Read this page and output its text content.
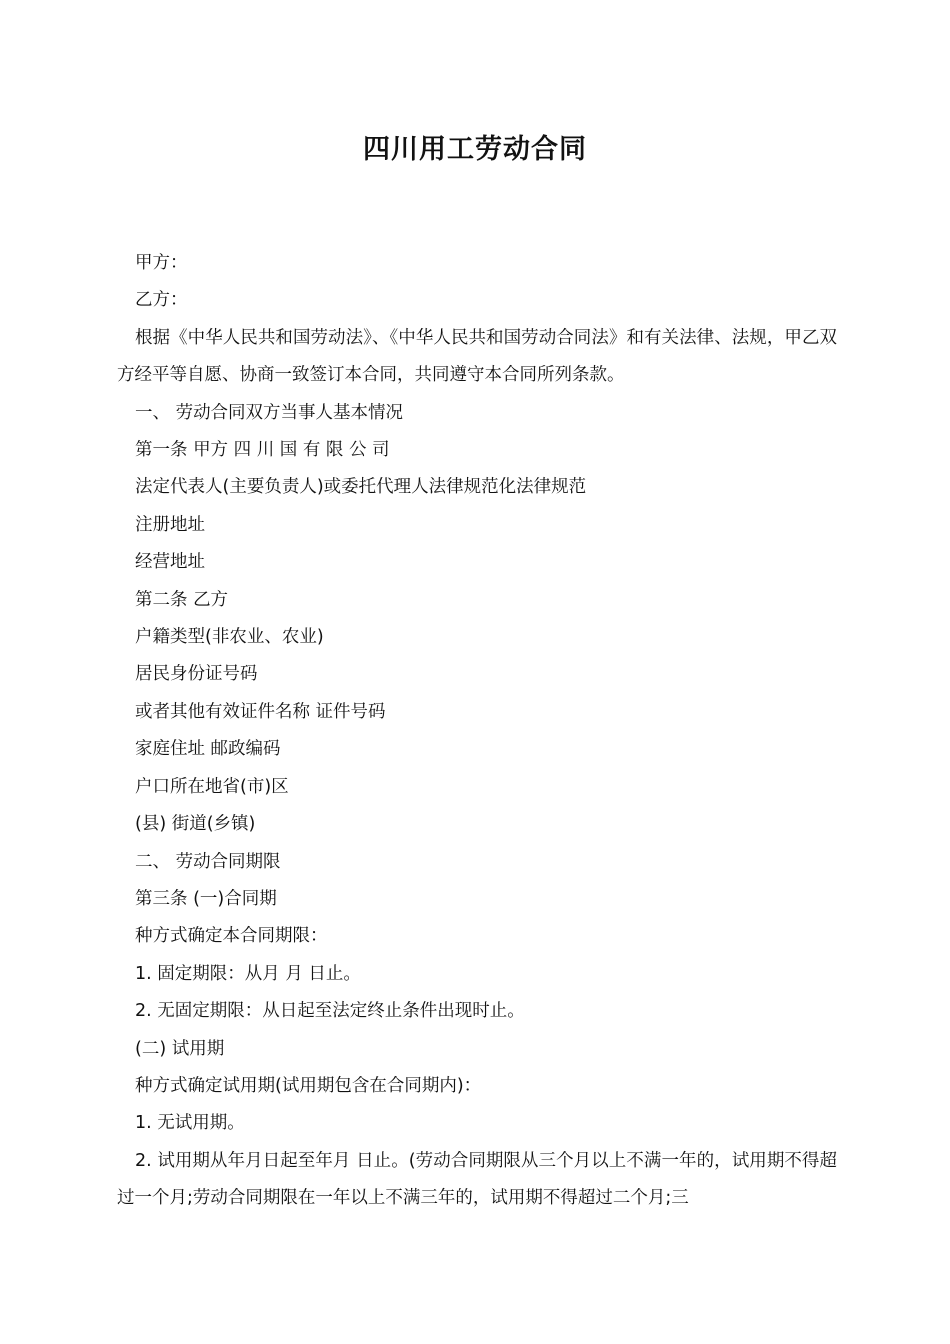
四川用工劳动合同

甲方：

乙方：

根据《中华人民共和国劳动法》、《中华人民共和国劳动合同法》和有关法律、法规，甲乙双方经平等自愿、协商一致签订本合同，共同遵守本合同所列条款。

一、 劳动合同双方当事人基本情况

第一条 甲方 四 川 国 有 限 公 司

法定代表人(主要负责人)或委托代理人法律规范化法律规范

注册地址

经营地址

第二条 乙方

户籍类型(非农业、农业)

居民身份证号码

或者其他有效证件名称 证件号码

家庭住址 邮政编码

户口所在地省(市)区

(县) 街道(乡镇)

二、 劳动合同期限

第三条 (一)合同期

种方式确定本合同期限：

1. 固定期限：从月 月 日止。

2. 无固定期限：从日起至法定终止条件出现时止。

(二) 试用期

种方式确定试用期(试用期包含在合同期内)：

1. 无试用期。

2. 试用期从年月日起至年月 日止。(劳动合同期限从三个月以上不满一年的，试用期不得超过一个月;劳动合同期限在一年以上不满三年的，试用期不得超过二个月;三
